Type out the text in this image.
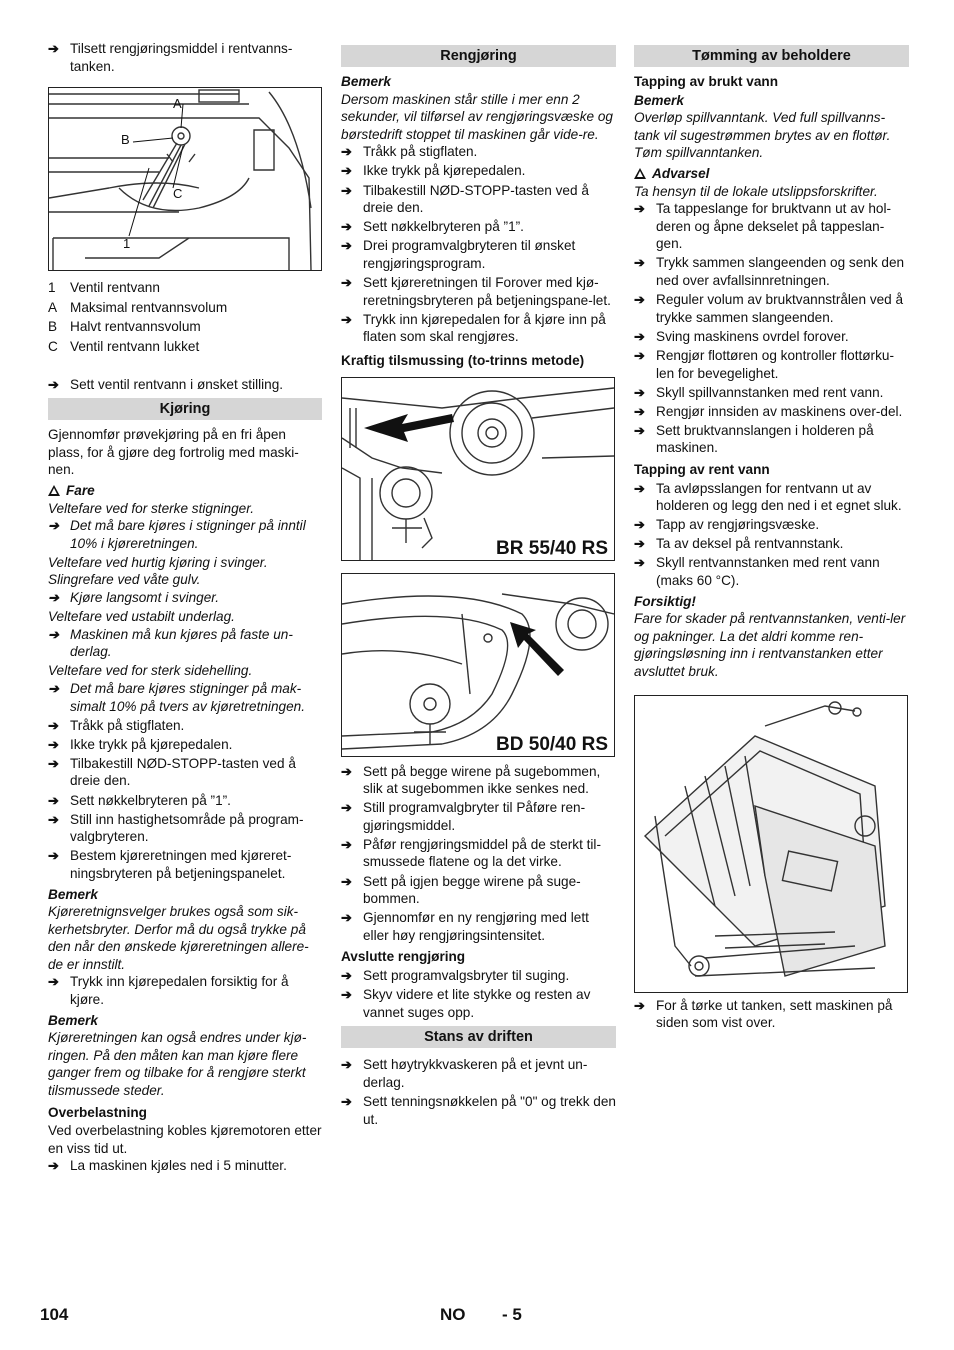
➔ Tilsett rengjøringsmiddel i rentvanns-tanken.

A
B
C
1
1	Ventil rentvann
A Maksimal rentvannsvolum
B Halvt rentvannsvolum
C Ventil rentvann lukket

➔ Sett ventil rentvann i ønsket stilling.

Kjøring

Gjennomfør prøvekjøring på en fri åpen plass, for å gjøre deg fortrolig med maski-nen.

Fare

Veltefare ved for sterke stigninger.

➔ Det må bare kjøres i stigninger på inntil 10% i kjøreretningen.

Veltefare ved hurtig kjøring i svinger. Slingrefare ved våte gulv.

➔ Kjøre langsomt i svinger.

Veltefare ved ustabilt underlag.

➔ Maskinen må kun kjøres på faste un-derlag.

Veltefare ved for sterk sidehelling.

➔ Det må bare kjøres stigninger på mak-simalt 10% på tvers av kjøretretningen.

➔ Tråkk på stigflaten.

➔ Ikke trykk på kjørepedalen.

➔ Tilbakestill NØD-STOPP-tasten ved å dreie den.

➔ Sett nøkkelbryteren på ”1”.

➔ Still inn hastighetsområde på program-valgbryteren.

➔ Bestem kjøreretningen med kjøreret-ningsbryteren på betjeningspanelet.

Bemerk

Kjøreretnignsvelger brukes også som sik-kerhetsbryter. Derfor må du også trykke på den når den ønskede kjøreretningen allere-de er innstilt.

➔ Trykk inn kjørepedalen forsiktig for å kjøre.

Bemerk

Kjøreretningen kan også endres under kjø-ringen. På den måten kan man kjøre flere ganger frem og tilbake for å rengjøre sterkt tilsmussede steder.

Overbelastning

Ved overbelastning kobles kjøremotoren etter en viss tid ut.

➔ La maskinen kjøles ned i 5 minutter.

Rengjøring

Bemerk

Dersom maskinen står stille i mer enn 2 sekunder, vil tilførsel av rengjøringsvæske og børstedrift stoppet til maskinen går vide-re.

➔ Tråkk på stigflaten.

➔ Ikke trykk på kjørepedalen.

➔ Tilbakestill NØD-STOPP-tasten ved å dreie den.

➔ Sett nøkkelbryteren på ”1”.

➔ Drei programvalgbryteren til ønsket rengjøringsprogram.

➔ Sett kjøreretningen til Forover med kjø-reretningsbryteren på betjeningspane-let.

➔ Trykk inn kjørepedalen for å kjøre inn på flaten som skal rengjøres.

Kraftig tilsmussing (to-trinns metode)

BR 55/40 RS
BD 50/40 RS

➔ Sett på begge wirene på sugebommen, slik at sugebommen ikke senkes ned.

➔ Still programvalgbryter til Påføre ren-gjøringsmiddel.

➔ Påfør rengjøringsmiddel på de sterkt til-smussede flatene og la det virke.

➔ Sett på igjen begge wirene på suge-bommen.

➔ Gjennomfør en ny rengjøring med lett eller høy rengjøringsintensitet.

Avslutte rengjøring

➔ Sett programvalgsbryter til suging.

➔ Skyv videre et lite stykke og resten av vannet suges opp.

Stans av driften

➔ Sett høytrykkvaskeren på et jevnt un-derlag.

➔ Sett tenningsnøkkelen på "0" og trekk den ut.

Tømming av beholdere

Tapping av brukt vann

Bemerk

Overløp spillvanntank. Ved full spillvanns-tank vil sugestrømmen brytes av en flottør. Tøm spillvanntanken.

Advarsel

Ta hensyn til de lokale utslippsforskrifter.

➔ Ta tappeslange for bruktvann ut av hol-deren og åpne dekselet på tappeslan-gen.

➔ Trykk sammen slangeenden og senk den ned over avfallsinnretningen.

➔ Reguler volum av bruktvannstrålen ved å trykke sammen slangeenden.

➔ Sving maskinens ovrdel forover.

➔ Rengjør flottøren og kontroller flottørku-len for bevegelighet.

➔ Skyll spillvannstanken med rent vann.

➔ Rengjør innsiden av maskinens over-del.

➔ Sett bruktvannslangen i holderen på maskinen.

Tapping av rent vann

➔ Ta avløpsslangen for rentvann ut av holderen og legg den ned i et egnet sluk.

➔ Tapp av rengjøringsvæske.

➔ Ta av deksel på rentvannstank.

➔ Skyll rentvannstanken med rent vann (maks 60 °C).

Forsiktig!

Fare for skader på rentvannstanken, venti-ler og pakninger. La det aldri komme ren-gjøringsløsning inn i rentvanstanken etter avsluttet bruk.

➔ For å tørke ut tanken, sett maskinen på siden som vist over.

104	NO - 5
